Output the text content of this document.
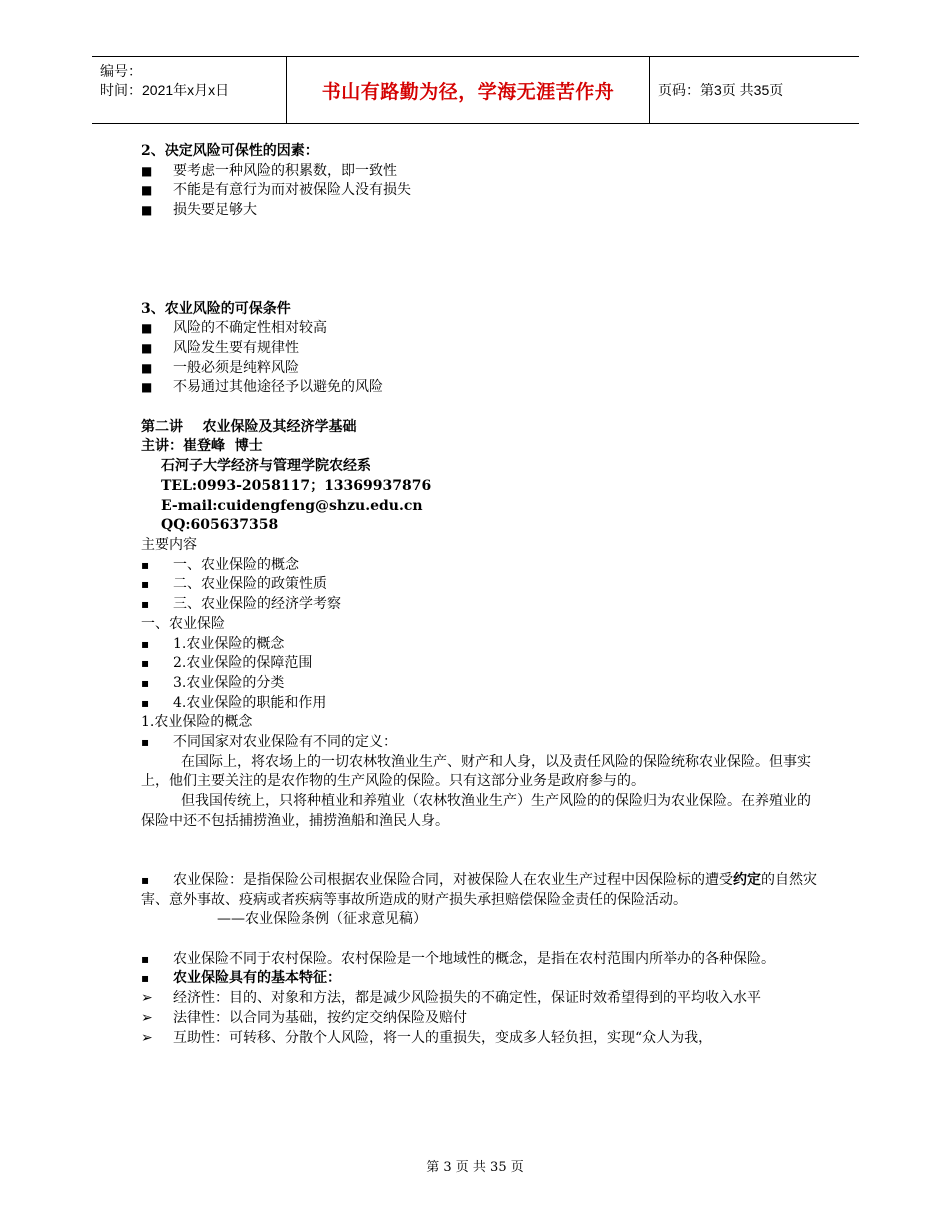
编号：
时间：2021年x月x日	书山有路勤为径，学海无涯苦作舟	页码：第3页 共35页
2、决定风险可保性的因素：
■	要考虑一种风险的积累数，即一致性
■	不能是有意行为而对被保险人没有损失
■	损失要足够大
3、农业风险的可保条件
■	风险的不确定性相对较高
■	风险发生要有规律性
■	一般必须是纯粹风险
■	不易通过其他途径予以避免的风险
第二讲    农业保险及其经济学基础
主讲：崔登峰  博士
石河子大学经济与管理学院农经系
TEL:0993-2058117；13369937876
E-mail:cuidengfeng@shzu.edu.cn
QQ:605637358
主要内容
▪	一、农业保险的概念
▪	二、农业保险的政策性质
▪	三、农业保险的经济学考察
一、农业保险
▪	1.农业保险的概念
▪	2.农业保险的保障范围
▪	3.农业保险的分类
▪	4.农业保险的职能和作用
1.农业保险的概念
▪	不同国家对农业保险有不同的定义：
在国际上，将农场上的一切农林牧渔业生产、财产和人身，以及责任风险的保险统称农业保险。但事实上，他们主要关注的是农作物的生产风险的保险。只有这部分业务是政府参与的。
但我国传统上，只将种植业和养殖业（农林牧渔业生产）生产风险的的保险归为农业保险。在养殖业的保险中还不包括捕捞渔业，捕捞渔船和渔民人身。
▪ 农业保险：是指保险公司根据农业保险合同，对被保险人在农业生产过程中因保险标的遭受约定的自然灾害、意外事故、疫病或者疾病等事故所造成的财产损失承担赔偿保险金责任的保险活动。
——农业保险条例（征求意见稿）
▪ 农业保险不同于农村保险。农村保险是一个地域性的概念，是指在农村范围内所举办的各种保险。
▪	农业保险具有的基本特征：
➢ 经济性：目的、对象和方法，都是减少风险损失的不确定性，保证时效希望得到的平均收入水平
➢ 法律性：以合同为基础，按约定交纳保险及赔付
➢ 互助性：可转移、分散个人风险，将一人的重损失，变成多人轻负担，实现“众人为我，
第 3 页 共 35 页
